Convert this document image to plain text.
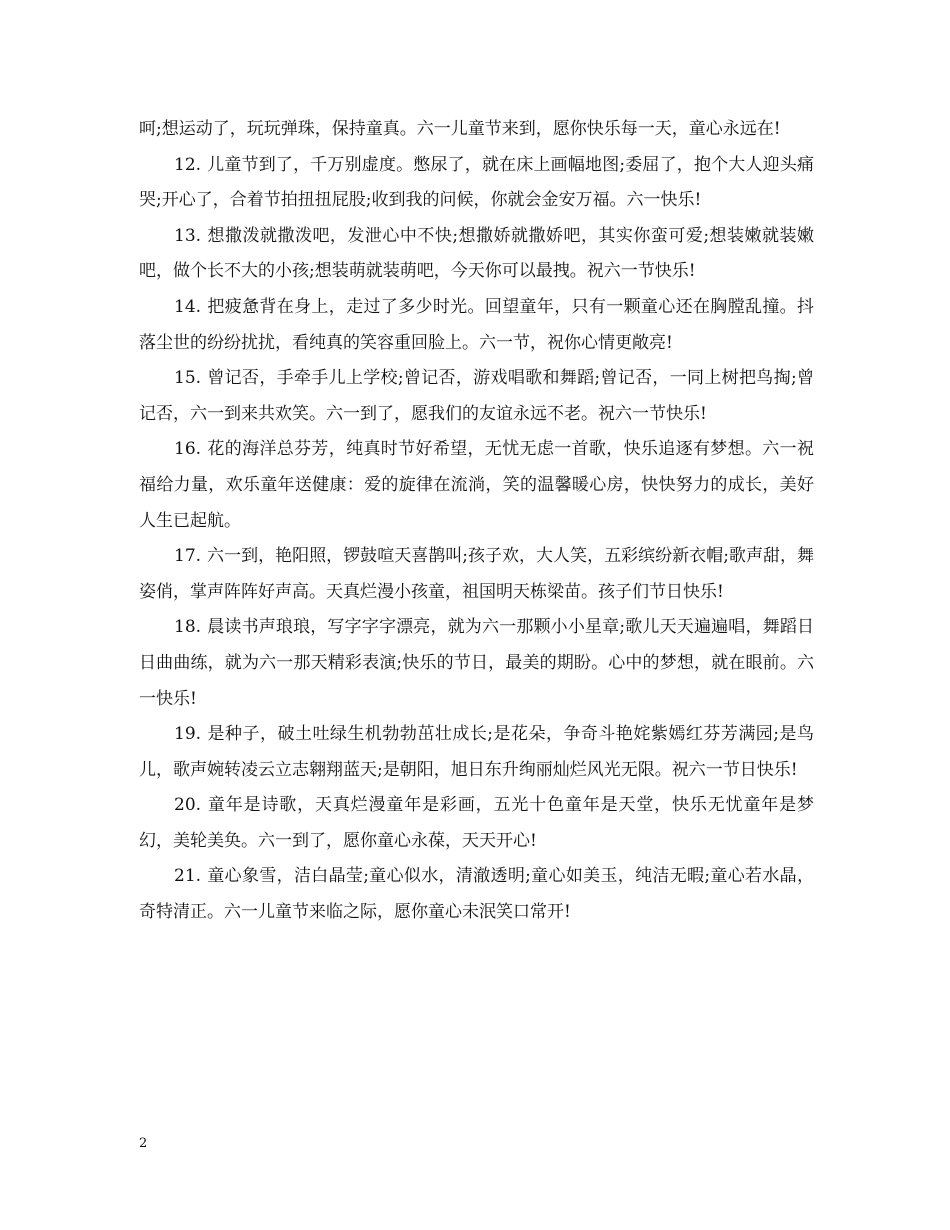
呵;想运动了，玩玩弹珠，保持童真。六一儿童节来到，愿你快乐每一天，童心永远在!

12. 儿童节到了，千万别虚度。憋尿了，就在床上画幅地图;委屈了，抱个大人迎头痛哭;开心了，合着节拍扭扭屁股;收到我的问候，你就会金安万福。六一快乐!

13. 想撒泼就撒泼吧，发泄心中不快;想撒娇就撒娇吧，其实你蛮可爱;想装嫩就装嫩吧，做个长不大的小孩;想装萌就装萌吧，今天你可以最拽。祝六一节快乐!

14. 把疲惫背在身上，走过了多少时光。回望童年，只有一颗童心还在胸膛乱撞。抖落尘世的纷纷扰扰，看纯真的笑容重回脸上。六一节，祝你心情更敞亮!

15. 曾记否，手牵手儿上学校;曾记否，游戏唱歌和舞蹈;曾记否，一同上树把鸟掏;曾记否，六一到来共欢笑。六一到了，愿我们的友谊永远不老。祝六一节快乐!

16. 花的海洋总芬芳，纯真时节好希望，无忧无虑一首歌，快乐追逐有梦想。六一祝福给力量，欢乐童年送健康：爱的旋律在流淌，笑的温馨暖心房，快快努力的成长，美好人生已起航。

17. 六一到，艳阳照，锣鼓喧天喜鹊叫;孩子欢，大人笑，五彩缤纷新衣帽;歌声甜，舞姿俏，掌声阵阵好声高。天真烂漫小孩童，祖国明天栋梁苗。孩子们节日快乐!

18. 晨读书声琅琅，写字字字漂亮，就为六一那颗小小星章;歌儿天天遍遍唱，舞蹈日日曲曲练，就为六一那天精彩表演;快乐的节日，最美的期盼。心中的梦想，就在眼前。六一快乐!

19. 是种子，破土吐绿生机勃勃茁壮成长;是花朵，争奇斗艳姹紫嫣红芬芳满园;是鸟儿，歌声婉转凌云立志翱翔蓝天;是朝阳，旭日东升绚丽灿烂风光无限。祝六一节日快乐!

20. 童年是诗歌，天真烂漫童年是彩画，五光十色童年是天堂，快乐无忧童年是梦幻，美轮美奂。六一到了，愿你童心永葆，天天开心!

21. 童心象雪，洁白晶莹;童心似水，清澈透明;童心如美玉，纯洁无暇;童心若水晶，奇特清正。六一儿童节来临之际，愿你童心未泯笑口常开!

2
